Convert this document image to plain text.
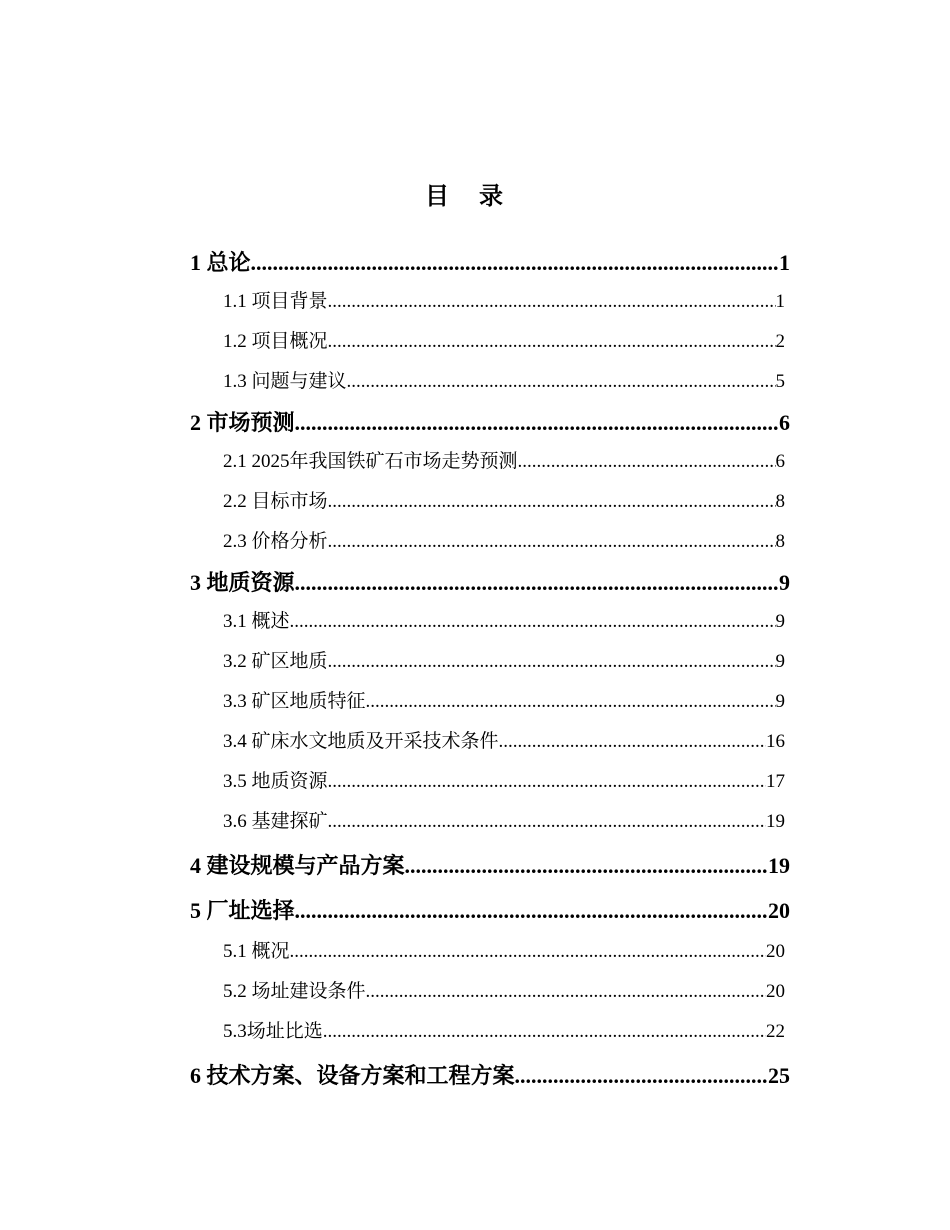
目 录
1 总论 .....	1
1.1 项目背景 .....	1
1.2 项目概况 .....	2
1.3 问题与建议 .....	5
2 市场预测 .....	6
2.1 2025年我国铁矿石市场走势预测 .....	6
2.2 目标市场 .....	8
2.3 价格分析 .....	8
3 地质资源 .....	9
3.1 概述 .....	9
3.2 矿区地质 .....	9
3.3 矿区地质特征 .....	9
3.4 矿床水文地质及开采技术条件 .....	16
3.5 地质资源 .....	17
3.6 基建探矿 .....	19
4 建设规模与产品方案 .....	19
5 厂址选择 .....	20
5.1 概况 .....	20
5.2 场址建设条件 .....	20
5.3场址比选 .....	22
6 技术方案、设备方案和工程方案 .....	25
